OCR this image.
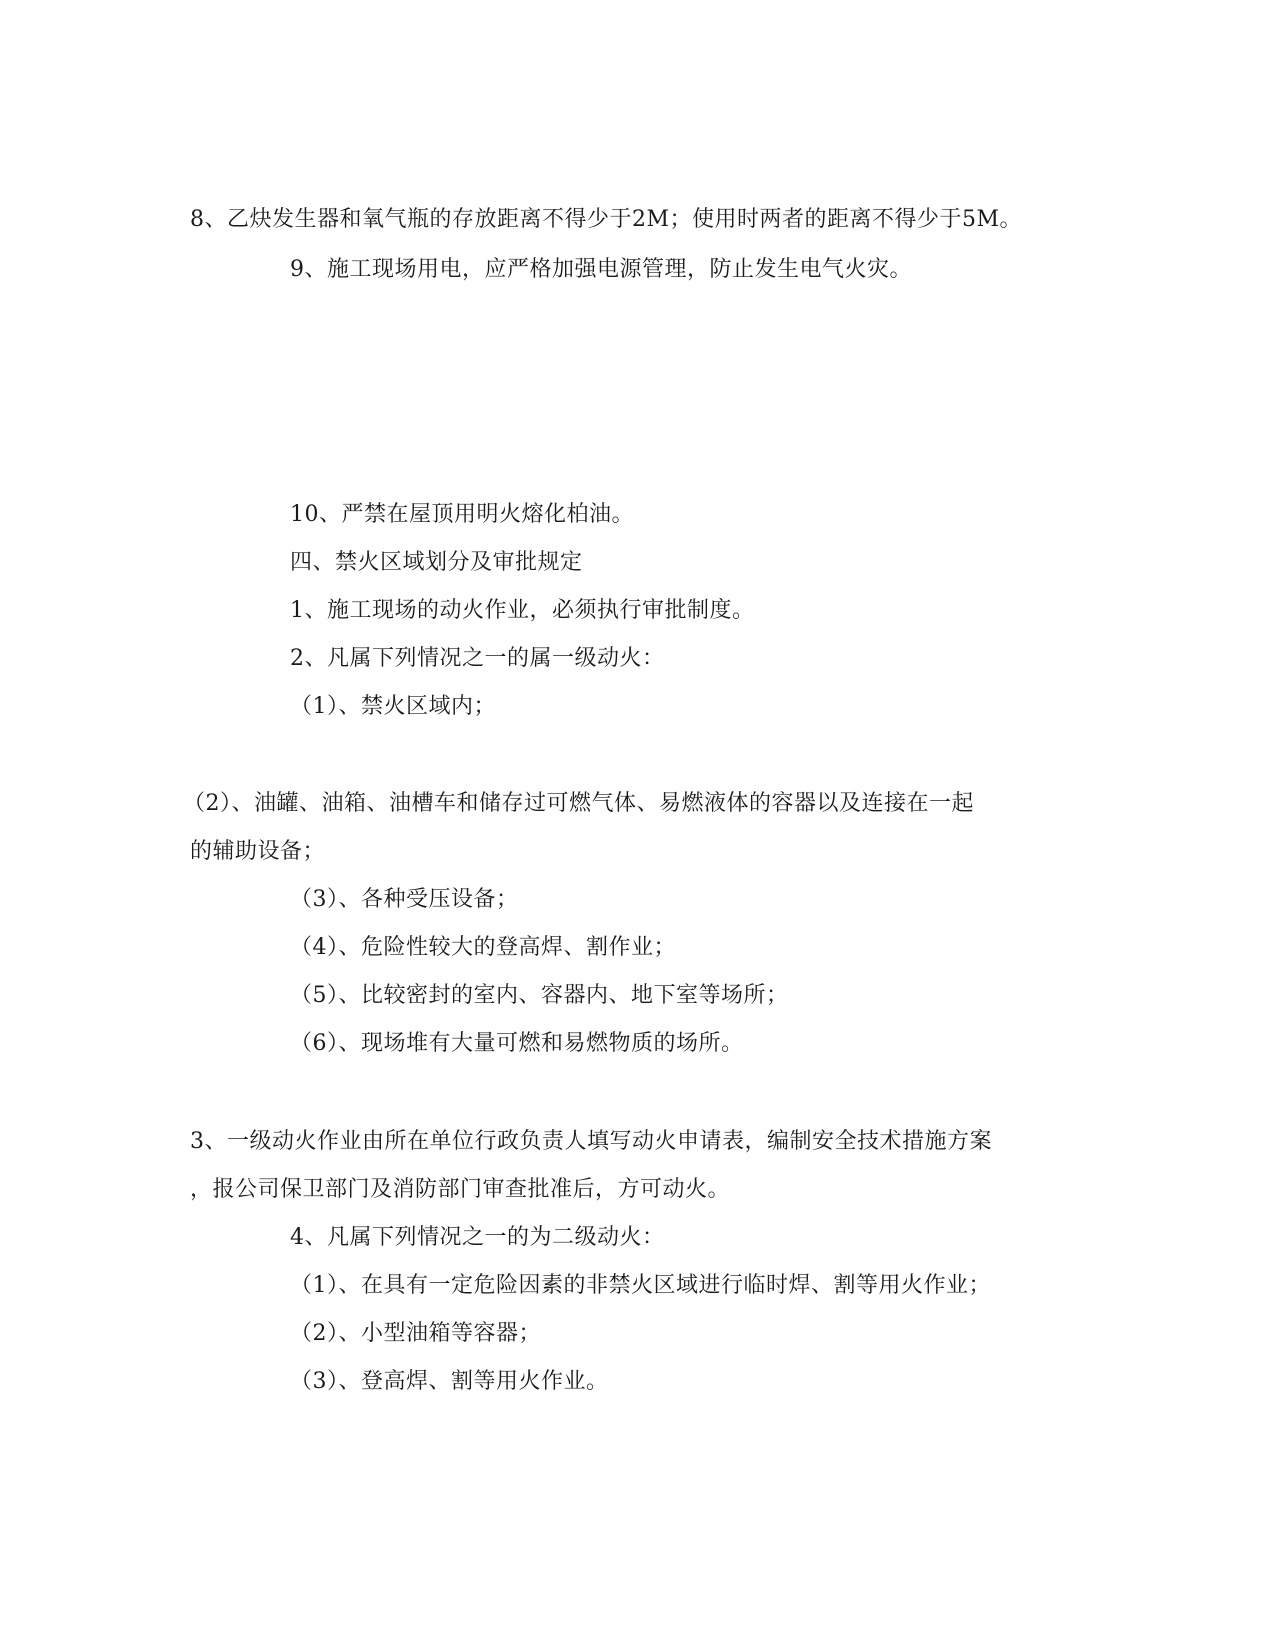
8、乙炔发生器和氧气瓶的存放距离不得少于2M；使用时两者的距离不得少于5M。
9、施工现场用电，应严格加强电源管理，防止发生电气火灾。
10、严禁在屋顶用明火熔化柏油。
四、禁火区域划分及审批规定
1、施工现场的动火作业，必须执行审批制度。
2、凡属下列情况之一的属一级动火：
（1）、禁火区域内；
（2）、油罐、油箱、油槽车和储存过可燃气体、易燃液体的容器以及连接在一起
的辅助设备；
（3）、各种受压设备；
（4）、危险性较大的登高焊、割作业；
（5）、比较密封的室内、容器内、地下室等场所；
（6）、现场堆有大量可燃和易燃物质的场所。
3、一级动火作业由所在单位行政负责人填写动火申请表，编制安全技术措施方案
，报公司保卫部门及消防部门审查批准后，方可动火。
4、凡属下列情况之一的为二级动火：
（1）、在具有一定危险因素的非禁火区域进行临时焊、割等用火作业；
（2）、小型油箱等容器；
（3）、登高焊、割等用火作业。
